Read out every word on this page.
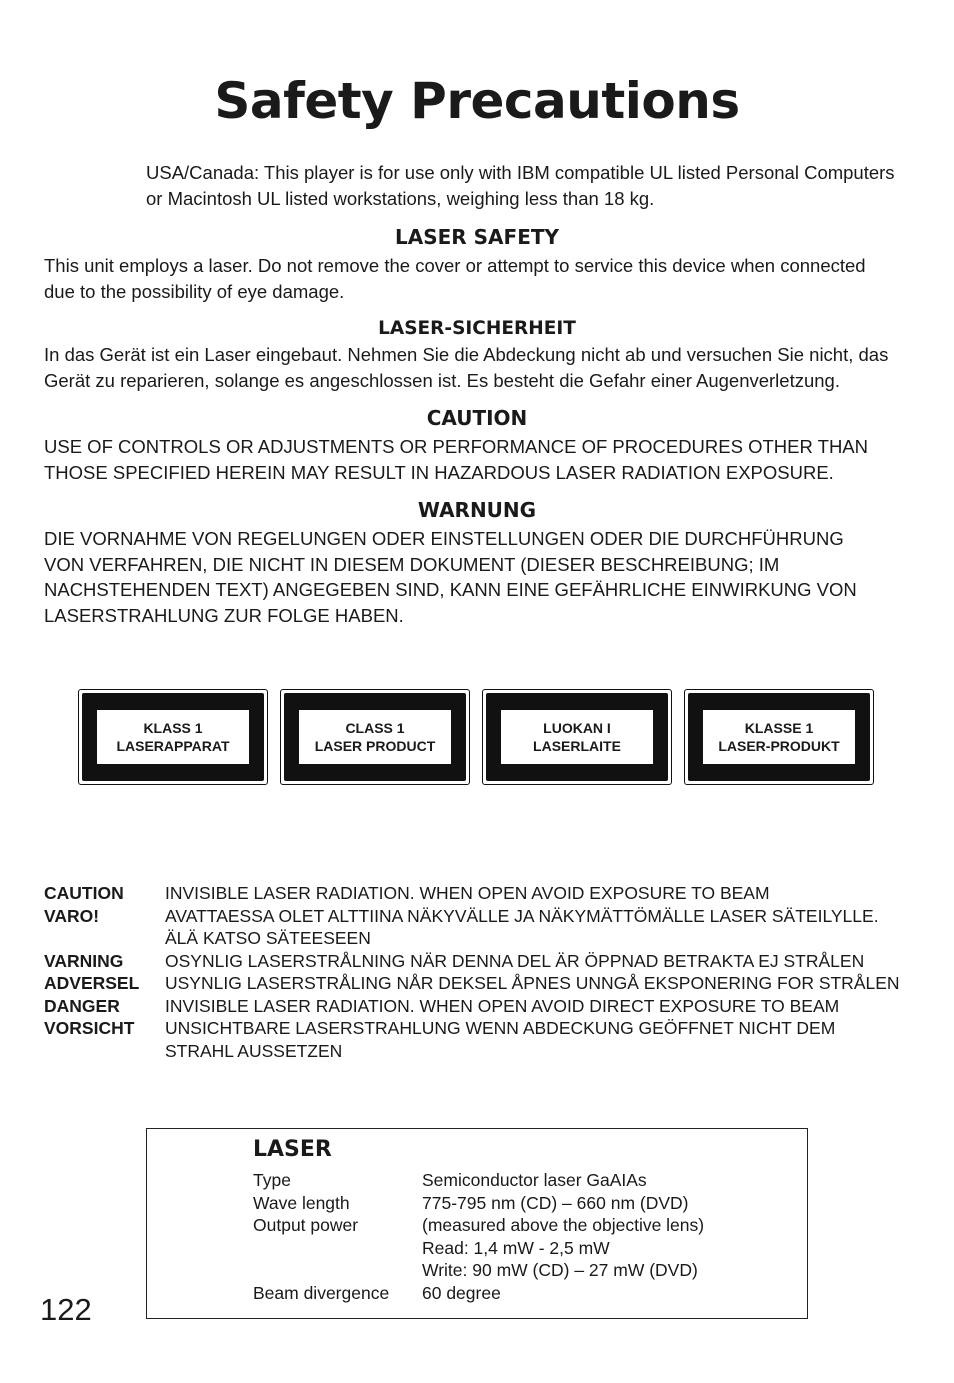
Safety Precautions
USA/Canada: This player is for use only with IBM compatible UL listed Personal Computers
or Macintosh UL listed workstations, weighing less than 18 kg.
LASER SAFETY
This unit employs a laser. Do not remove the cover or attempt to service this device when connected
due to the possibility of eye damage.
LASER-SICHERHEIT
In das Gerät ist ein Laser eingebaut. Nehmen Sie die Abdeckung nicht ab und versuchen Sie nicht, das
Gerät zu reparieren, solange es angeschlossen ist. Es besteht die Gefahr einer Augenverletzung.
CAUTION
USE OF CONTROLS OR ADJUSTMENTS OR PERFORMANCE OF PROCEDURES OTHER THAN
THOSE SPECIFIED HEREIN MAY RESULT IN HAZARDOUS LASER RADIATION EXPOSURE.
WARNUNG
DIE VORNAHME VON REGELUNGEN ODER EINSTELLUNGEN ODER DIE DURCHFÜHRUNG
VON VERFAHREN, DIE NICHT IN DIESEM DOKUMENT (DIESER BESCHREIBUNG; IM
NACHSTEHENDEN TEXT) ANGEGEBEN SIND, KANN EINE GEFÄHRLICHE EINWIRKUNG VON
LASERSTRAHLUNG ZUR FOLGE HABEN.
KLASS 1
LASERAPPARAT
CLASS 1
LASER PRODUCT
LUOKAN I
LASERLAITE
KLASSE 1
LASER-PRODUKT
CAUTION	INVISIBLE LASER RADIATION. WHEN OPEN AVOID EXPOSURE TO BEAM
VARO!	AVATTAESSA OLET ALTTIINA NÄKYVÄLLE JA NÄKYMÄTTÖMÄLLE LASER SÄTEILYLLE.
ÄLÄ KATSO SÄTEESEEN
VARNING	OSYNLIG LASERSTRÅLNING NÄR DENNA DEL ÄR ÖPPNAD BETRAKTA EJ STRÅLEN
ADVERSEL	USYNLIG LASERSTRÅLING NÅR DEKSEL ÅPNES UNNGÅ EKSPONERING FOR STRÅLEN
DANGER	INVISIBLE LASER RADIATION. WHEN OPEN AVOID DIRECT EXPOSURE TO BEAM
VORSICHT	UNSICHTBARE LASERSTRAHLUNG WENN ABDECKUNG GEÖFFNET NICHT DEM
STRAHL AUSSETZEN
LASER
Type	Semiconductor laser GaAIAs
Wave length	775-795 nm (CD) – 660 nm (DVD)
Output power	(measured above the objective lens)
Read: 1,4 mW - 2,5 mW
Write: 90 mW (CD) – 27 mW (DVD)
Beam divergence	60 degree
122
